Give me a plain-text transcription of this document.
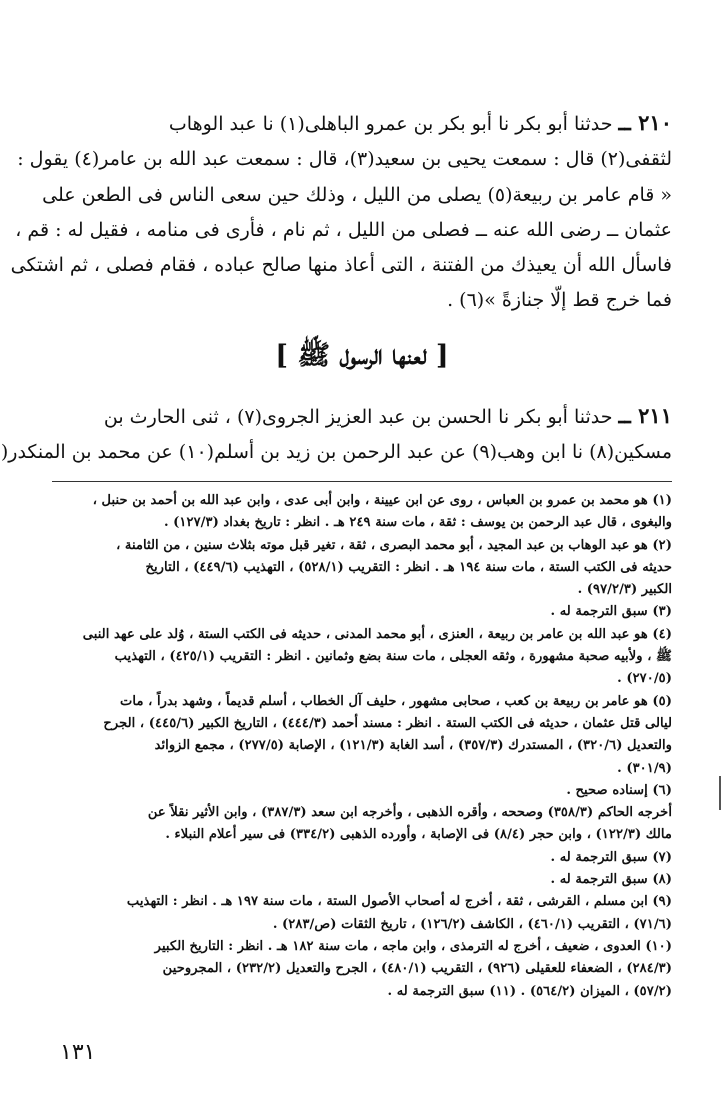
٢١٠ ــ حدثنا أبو بكر نا أبو بكر بن عمرو الباهلى(١) نا عبد الوهاب
لثقفى(٢) قال : سمعت يحيى بن سعيد(٣)، قال : سمعت عبد الله بن عامر(٤) يقول :
« قام عامر بن ربيعة(٥) يصلى من الليل ، وذلك حين سعى الناس فى الطعن على
عثمان ــ رضى الله عنه ــ فصلى من الليل ، ثم نام ، فأرى فى منامه ، فقيل له : قم ،
فاسأل الله أن يعيذك من الفتنة ، التى أعاذ منها صالح عباده ، فقام فصلى ، ثم اشتكى
فما خرج قط إلّا جنازةً »(٦) .
[ لعنها الرسول ﷺ ]
٢١١ ــ حدثنا أبو بكر نا الحسن بن عبد العزيز الجروى(٧) ، ثنى الحارث بن
مسكين(٨) نا ابن وهب(٩) عن عبد الرحمن بن زيد بن أسلم(١٠) عن محمد بن المنكدر(
(١) هو محمد بن عمرو بن العباس ، روى عن ابن عيينة ، وابن أبى عدى ، وابن عبد الله بن أحمد بن حنبل ،
والبغوى ، قال عبد الرحمن بن يوسف : ثقة ، مات سنة ٢٤٩ هـ . انظر : تاريخ بغداد (١٢٧/٣) .
(٢) هو عبد الوهاب بن عبد المجيد ، أبو محمد البصرى ، ثقة ، تغير قبل موته بثلاث سنين ، من الثامنة ،
حديثه فى الكتب الستة ، مات سنة ١٩٤ هـ . انظر : التقريب (٥٢٨/١) ، التهذيب (٤٤٩/٦) ، التاريخ
الكبير (٩٧/٢/٣) .
(٣) سبق الترجمة له .
(٤) هو عبد الله بن عامر بن ربيعة ، العنزى ، أبو محمد المدنى ، حديثه فى الكتب الستة ، وُلد على عهد النبى
ﷺ ، ولأبيه صحبة مشهورة ، وثقه العجلى ، مات سنة بضع وثمانين . انظر : التقريب (٤٢٥/١) ، التهذيب
(٢٧٠/٥) .
(٥) هو عامر بن ربيعة بن كعب ، صحابى مشهور ، حليف آل الخطاب ، أسلم قديماً ، وشهد بدراً ، مات
ليالى قتل عثمان ، حديثه فى الكتب الستة . انظر : مسند أحمد (٤٤٤/٣) ، التاريخ الكبير (٤٤٥/٦) ، الجرح
والتعديل (٣٢٠/٦) ، المستدرك (٣٥٧/٣) ، أسد الغابة (١٢١/٣) ، الإصابة (٢٧٧/٥) ، مجمع الزوائد
(٣٠١/٩) .
(٦) إسناده صحيح .
أخرجه الحاكم (٣٥٨/٣) وصححه ، وأقره الذهبى ، وأخرجه ابن سعد (٣٨٧/٣) ، وابن الأثير نقلاً عن
مالك (١٢٢/٣) ، وابن حجر (٨/٤) فى الإصابة ، وأورده الذهبى (٣٣٤/٢) فى سير أعلام النبلاء .
(٧) سبق الترجمة له .
(٨) سبق الترجمة له .
(٩) ابن مسلم ، القرشى ، ثقة ، أخرج له أصحاب الأصول الستة ، مات سنة ١٩٧ هـ . انظر : التهذيب
(٧١/٦) ، التقريب (٤٦٠/١) ، الكاشف (١٢٦/٢) ، تاريخ الثقات (ص/٢٨٣) .
(١٠) العدوى ، ضعيف ، أخرج له الترمذى ، وابن ماجه ، مات سنة ١٨٢ هـ . انظر : التاريخ الكبير
(٢٨٤/٣) ، الضعفاء للعقيلى (٩٢٦) ، التقريب (٤٨٠/١) ، الجرح والتعديل (٢٣٢/٢) ، المجروحين
(٥٧/٢) ، الميزان (٥٦٤/٢) . (١١) سبق الترجمة له .
١٣١
